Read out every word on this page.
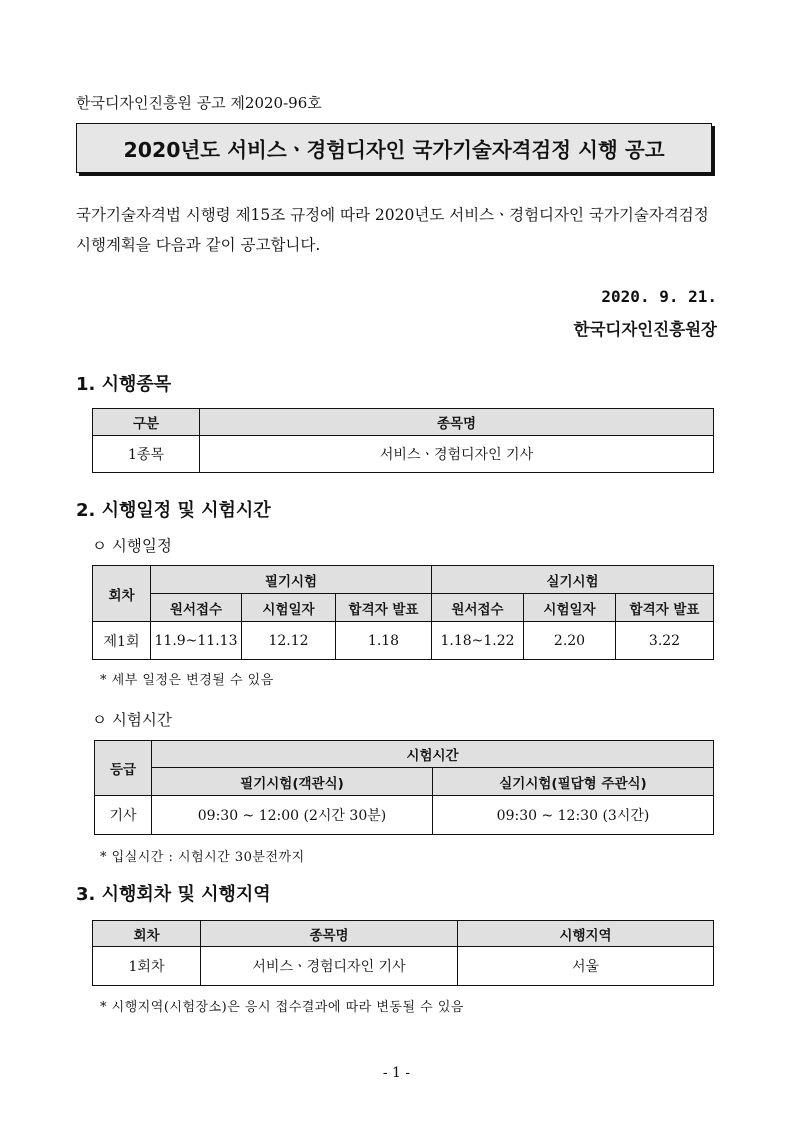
한국디자인진흥원 공고 제2020-96호
2020년도 서비스ㆍ경험디자인 국가기술자격검정 시행 공고
국가기술자격법 시행령 제15조 규정에 따라 2020년도 서비스ㆍ경험디자인 국가기술자격검정 시행계획을 다음과 같이 공고합니다.
2020. 9. 21.
한국디자인진흥원장
1. 시행종목
구분	종목명
1종목	서비스ㆍ경험디자인 기사
2. 시행일정 및 시험시간
ㅇ 시행일정
회차	필기시험			실기시험		
	원서접수	시험일자	합격자 발표	원서접수	시험일자	합격자 발표
제1회	11.9~11.13	12.12	1.18	1.18~1.22	2.20	3.22
* 세부 일정은 변경될 수 있음
ㅇ 시험시간
등급	시험시간	
	필기시험(객관식)	실기시험(필답형 주관식)
기사	09:30 ~ 12:00 (2시간 30분)	09:30 ~ 12:30 (3시간)
* 입실시간 : 시험시간 30분전까지
3. 시행회차 및 시행지역
회차	종목명	시행지역
1회차	서비스ㆍ경험디자인 기사	서울
* 시행지역(시험장소)은 응시 접수결과에 따라 변동될 수 있음
- 1 -
